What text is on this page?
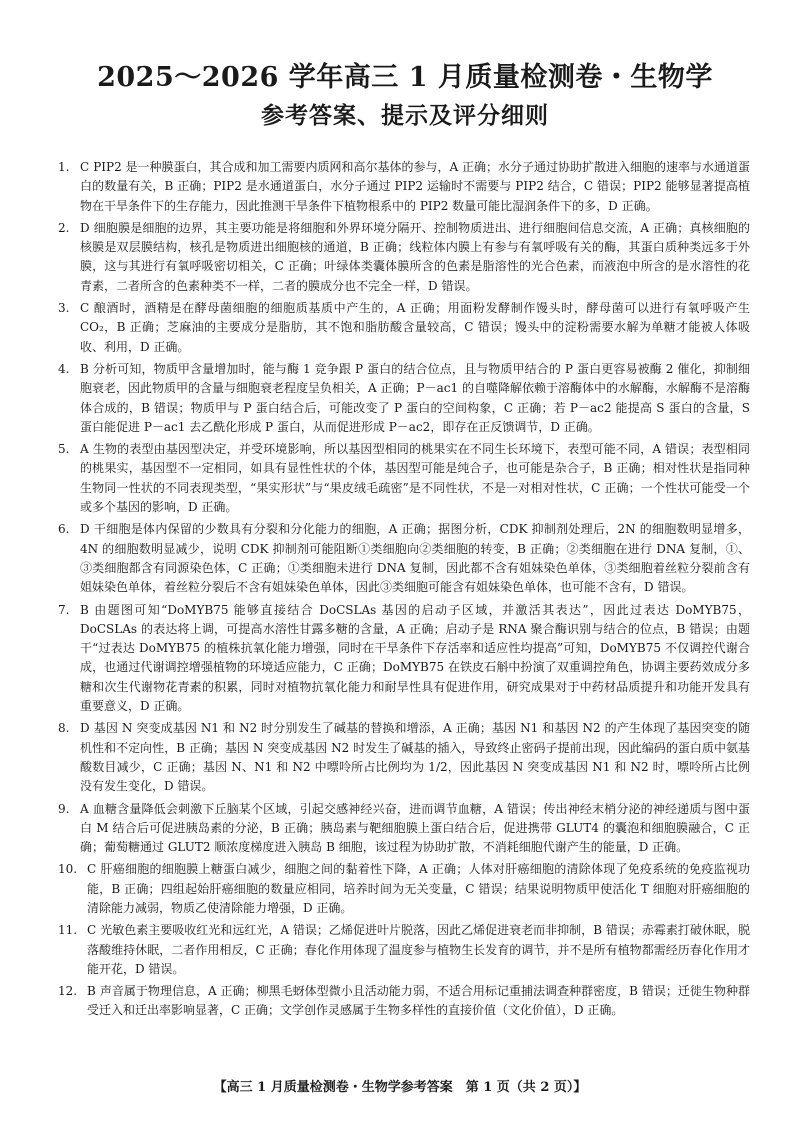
2025～2026 学年高三 1 月质量检测卷・生物学
参考答案、提示及评分细则
1. C PIP2 是一种膜蛋白，其合成和加工需要内质网和高尔基体的参与，A 正确；水分子通过协助扩散进入细胞的速率与水通道蛋白的数量有关，B 正确；PIP2 是水通道蛋白，水分子通过 PIP2 运输时不需要与 PIP2 结合，C 错误；PIP2 能够显著提高植物在干旱条件下的生存能力，因此推测干旱条件下植物根系中的 PIP2 数量可能比湿润条件下的多，D 正确。
2. D 细胞膜是细胞的边界，其主要功能是将细胞和外界环境分隔开、控制物质进出、进行细胞间信息交流，A 正确；真核细胞的核膜是双层膜结构，核孔是物质进出细胞核的通道，B 正确；线粒体内膜上有参与有氧呼吸有关的酶，其蛋白质种类远多于外膜，这与其进行有氧呼吸密切相关，C 正确；叶绿体类囊体膜所含的色素是脂溶性的光合色素，而液泡中所含的是水溶性的花青素，二者所含的色素种类不一样，二者的膜成分也不完全一样，D 错误。
3. C 酿酒时，酒精是在酵母菌细胞的细胞质基质中产生的，A 正确；用面粉发酵制作馒头时，酵母菌可以进行有氧呼吸产生 CO₂，B 正确；芝麻油的主要成分是脂肪，其不饱和脂肪酸含量较高，C 错误；馒头中的淀粉需要水解为单糖才能被人体吸收、利用，D 正确。
4. B 分析可知，物质甲含量增加时，能与酶 1 竞争跟 P 蛋白的结合位点，且与物质甲结合的 P 蛋白更容易被酶 2 催化，抑制细胞衰老，因此物质甲的含量与细胞衰老程度呈负相关，A 正确；P－ac1 的自噬降解依赖于溶酶体中的水解酶，水解酶不是溶酶体合成的，B 错误；物质甲与 P 蛋白结合后，可能改变了 P 蛋白的空间构象，C 正确；若 P－ac2 能提高 S 蛋白的含量，S 蛋白能促进 P－ac1 去乙酰化形成 P 蛋白，从而促进形成 P－ac2，即存在正反馈调节，D 正确。
5. A 生物的表型由基因型决定，并受环境影响，所以基因型相同的桃果实在不同生长环境下，表型可能不同，A 错误；表型相同的桃果实，基因型不一定相同，如具有显性性状的个体，基因型可能是纯合子，也可能是杂合子，B 正确；相对性状是指同种生物同一性状的不同表现类型，“果实形状”与“果皮绒毛疏密”是不同性状，不是一对相对性状，C 正确；一个性状可能受一个或多个基因的影响，D 正确。
6. D 干细胞是体内保留的少数具有分裂和分化能力的细胞，A 正确；据图分析，CDK 抑制剂处理后，2N 的细胞数明显增多，4N 的细胞数明显减少，说明 CDK 抑制剂可能阻断①类细胞向②类细胞的转变，B 正确；②类细胞在进行 DNA 复制，①、③类细胞都含有同源染色体，C 正确；①类细胞未进行 DNA 复制，因此都不含有姐妹染色单体，③类细胞着丝粒分裂前含有姐妹染色单体，着丝粒分裂后不含有姐妹染色单体，因此③类细胞可能含有姐妹染色单体，也可能不含有，D 错误。
7. B 由题图可知“DoMYB75 能够直接结合 DoCSLAs 基因的启动子区域，并激活其表达”，因此过表达 DoMYB75，DoCSLAs 的表达将上调，可提高水溶性甘露多糖的含量，A 正确；启动子是 RNA 聚合酶识别与结合的位点，B 错误；由题干“过表达 DoMYB75 的植株抗氧化能力增强，同时在干旱条件下存活率和适应性均提高”可知，DoMYB75 不仅调控代谢合成，也通过代谢调控增强植物的环境适应能力，C 正确；DoMYB75 在铁皮石斛中扮演了双重调控角色，协调主要药效成分多糖和次生代谢物花青素的积累，同时对植物抗氧化能力和耐旱性具有促进作用，研究成果对于中药材品质提升和功能开发具有重要意义，D 正确。
8. D 基因 N 突变成基因 N1 和 N2 时分别发生了碱基的替换和增添，A 正确；基因 N1 和基因 N2 的产生体现了基因突变的随机性和不定向性，B 正确；基因 N 突变成基因 N2 时发生了碱基的插入，导致终止密码子提前出现，因此编码的蛋白质中氨基酸数目减少，C 正确；基因 N、N1 和 N2 中嘌呤所占比例均为 1/2，因此基因 N 突变成基因 N1 和 N2 时，嘌呤所占比例没有发生变化，D 错误。
9. A 血糖含量降低会刺激下丘脑某个区域，引起交感神经兴奋，进而调节血糖，A 错误；传出神经末梢分泌的神经递质与图中蛋白 M 结合后可促进胰岛素的分泌，B 正确；胰岛素与靶细胞膜上蛋白结合后，促进携带 GLUT4 的囊泡和细胞膜融合，C 正确；葡萄糖通过 GLUT2 顺浓度梯度进入胰岛 B 细胞，该过程为协助扩散，不消耗细胞代谢产生的能量，D 正确。
10. C 肝癌细胞的细胞膜上糖蛋白减少，细胞之间的黏着性下降，A 正确；人体对肝癌细胞的清除体现了免疫系统的免疫监视功能，B 正确；四组起始肝癌细胞的数量应相同，培养时间为无关变量，C 错误；结果说明物质甲使活化 T 细胞对肝癌细胞的清除能力减弱，物质乙使清除能力增强，D 正确。
11. C 光敏色素主要吸收红光和远红光，A 错误；乙烯促进叶片脱落，因此乙烯促进衰老而非抑制，B 错误；赤霉素打破休眠，脱落酸维持休眠，二者作用相反，C 正确；春化作用体现了温度参与植物生长发育的调节，并不是所有植物都需经历春化作用才能开花，D 错误。
12. B 声音属于物理信息，A 正确；柳黑毛蚜体型微小且活动能力弱，不适合用标记重捕法调查种群密度，B 错误；迁徙生物种群受迁入和迁出率影响显著，C 正确；文学创作灵感属于生物多样性的直接价值（文化价值），D 正确。
【高三 1 月质量检测卷・生物学参考答案　第 1 页（共 2 页）】
